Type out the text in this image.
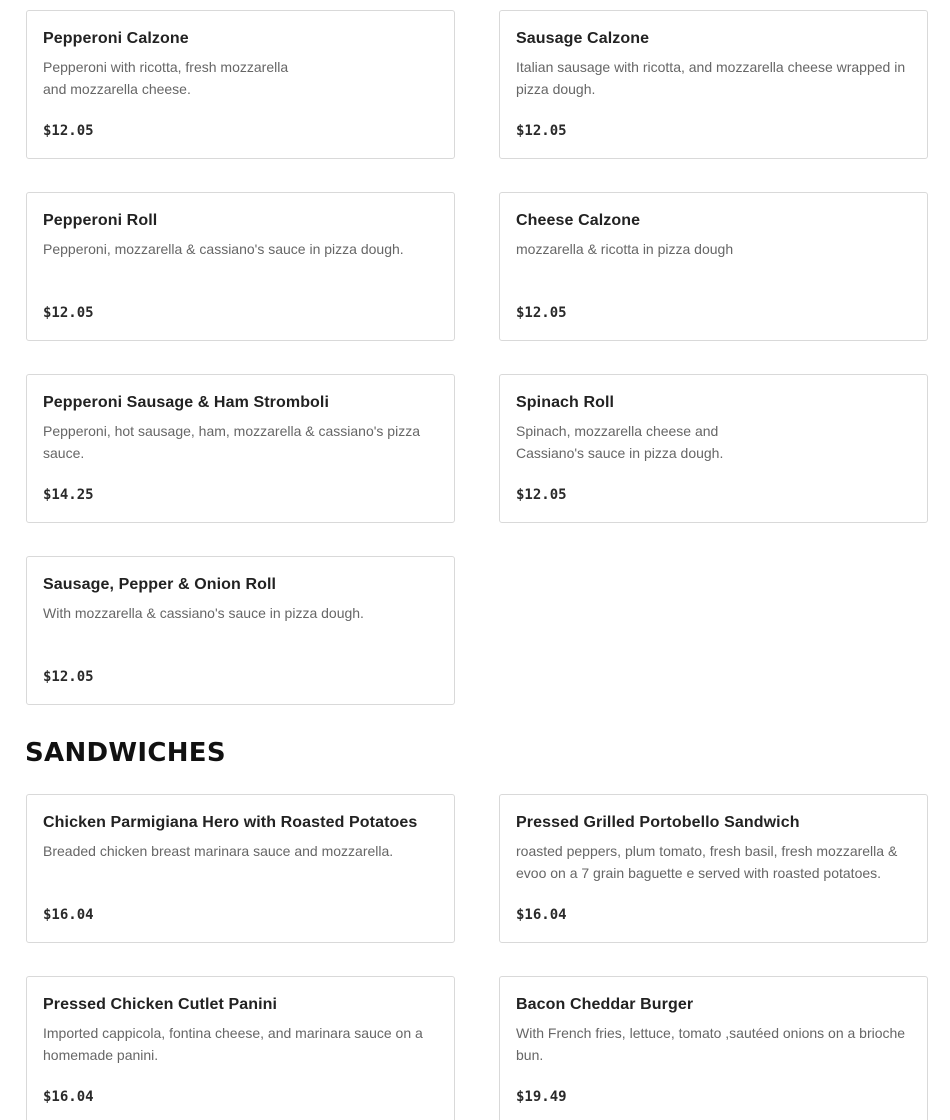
Pepperoni Calzone
Pepperoni with ricotta, fresh mozzarella and mozzarella cheese.
$12.05
Sausage Calzone
Italian sausage with ricotta, and mozzarella cheese wrapped in pizza dough.
$12.05
Pepperoni Roll
Pepperoni, mozzarella & cassiano's sauce in pizza dough.
$12.05
Cheese Calzone
mozzarella & ricotta in pizza dough
$12.05
Pepperoni Sausage & Ham Stromboli
Pepperoni, hot sausage, ham, mozzarella & cassiano's pizza sauce.
$14.25
Spinach Roll
Spinach, mozzarella cheese and Cassiano's sauce in pizza dough.
$12.05
Sausage, Pepper & Onion Roll
With mozzarella & cassiano's sauce in pizza dough.
$12.05
SANDWICHES
Chicken Parmigiana Hero with Roasted Potatoes
Breaded chicken breast marinara sauce and mozzarella.
$16.04
Pressed Grilled Portobello Sandwich
roasted peppers, plum tomato, fresh basil, fresh mozzarella & evoo on a 7 grain baguette e served with roasted potatoes.
$16.04
Pressed Chicken Cutlet Panini
Imported cappicola, fontina cheese, and marinara sauce on a homemade panini.
$16.04
Bacon Cheddar Burger
With French fries, lettuce, tomato ,sautéed onions on a brioche bun.
$19.49
